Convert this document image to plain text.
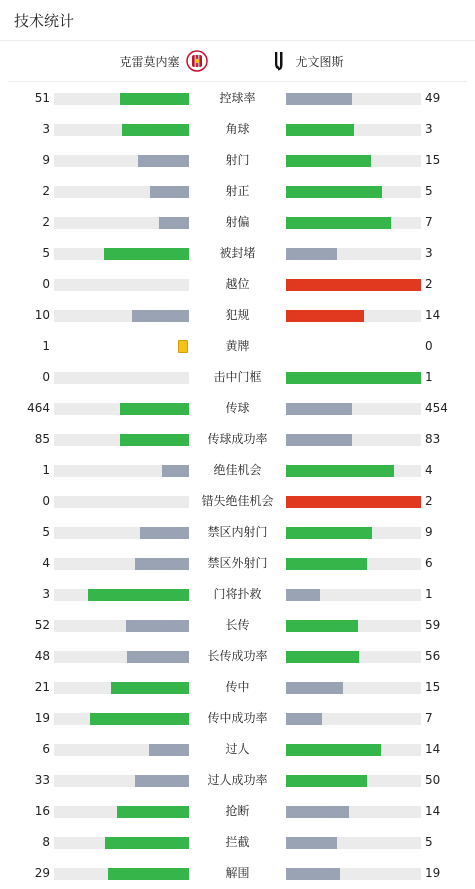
技术统计
克雷莫内塞	尤文图斯
51	控球率	49
3	角球	3
9	射门	15
2	射正	5
2	射偏	7
5	被封堵	3
0	越位	2
10	犯规	14
1	黄牌	0
0	击中门框	1
464	传球	454
85	传球成功率	83
1	绝佳机会	4
0	错失绝佳机会	2
5	禁区内射门	9
4	禁区外射门	6
3	门将扑救	1
52	长传	59
48	长传成功率	56
21	传中	15
19	传中成功率	7
6	过人	14
33	过人成功率	50
16	抢断	14
8	拦截	5
29	解围	19
